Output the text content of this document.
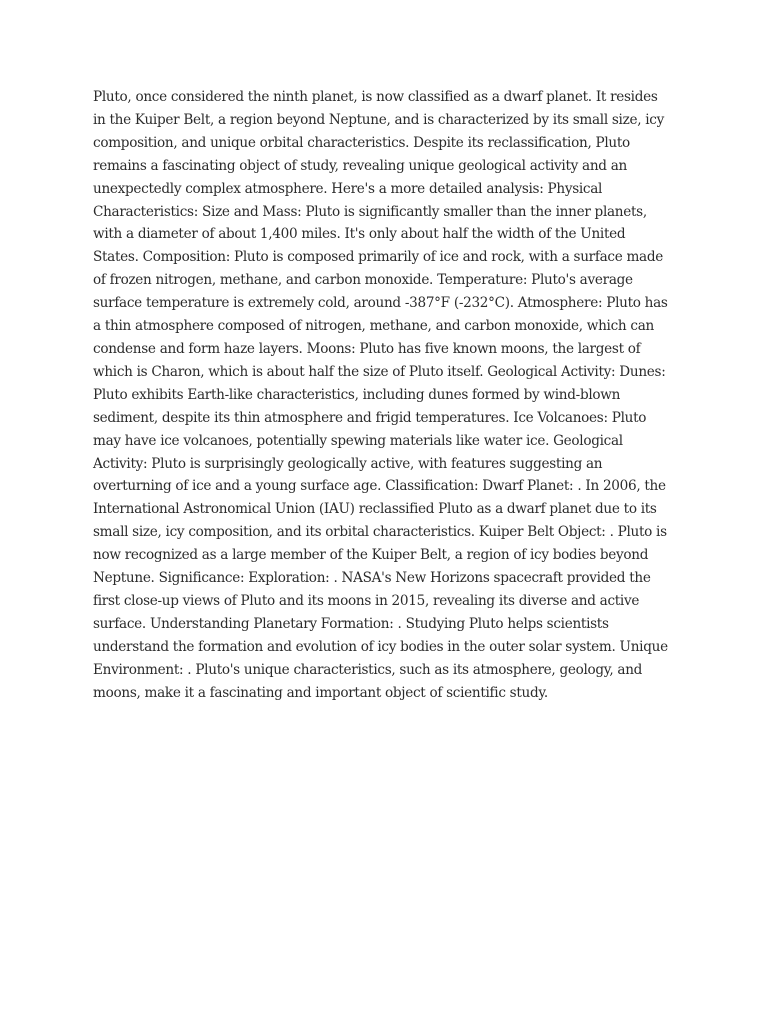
Pluto, once considered the ninth planet, is now classified as a dwarf planet. It resides in the Kuiper Belt, a region beyond Neptune, and is characterized by its small size, icy composition, and unique orbital characteristics. Despite its reclassification, Pluto remains a fascinating object of study, revealing unique geological activity and an unexpectedly complex atmosphere. Here's a more detailed analysis: Physical Characteristics: Size and Mass: Pluto is significantly smaller than the inner planets, with a diameter of about 1,400 miles. It's only about half the width of the United States. Composition: Pluto is composed primarily of ice and rock, with a surface made of frozen nitrogen, methane, and carbon monoxide. Temperature: Pluto's average surface temperature is extremely cold, around -387°F (-232°C). Atmosphere: Pluto has a thin atmosphere composed of nitrogen, methane, and carbon monoxide, which can condense and form haze layers. Moons: Pluto has five known moons, the largest of which is Charon, which is about half the size of Pluto itself. Geological Activity: Dunes: Pluto exhibits Earth-like characteristics, including dunes formed by wind-blown sediment, despite its thin atmosphere and frigid temperatures. Ice Volcanoes: Pluto may have ice volcanoes, potentially spewing materials like water ice. Geological Activity: Pluto is surprisingly geologically active, with features suggesting an overturning of ice and a young surface age. Classification: Dwarf Planet: . In 2006, the International Astronomical Union (IAU) reclassified Pluto as a dwarf planet due to its small size, icy composition, and its orbital characteristics. Kuiper Belt Object: . Pluto is now recognized as a large member of the Kuiper Belt, a region of icy bodies beyond Neptune. Significance: Exploration: . NASA's New Horizons spacecraft provided the first close-up views of Pluto and its moons in 2015, revealing its diverse and active surface. Understanding Planetary Formation: . Studying Pluto helps scientists understand the formation and evolution of icy bodies in the outer solar system. Unique Environment: . Pluto's unique characteristics, such as its atmosphere, geology, and moons, make it a fascinating and important object of scientific study.
